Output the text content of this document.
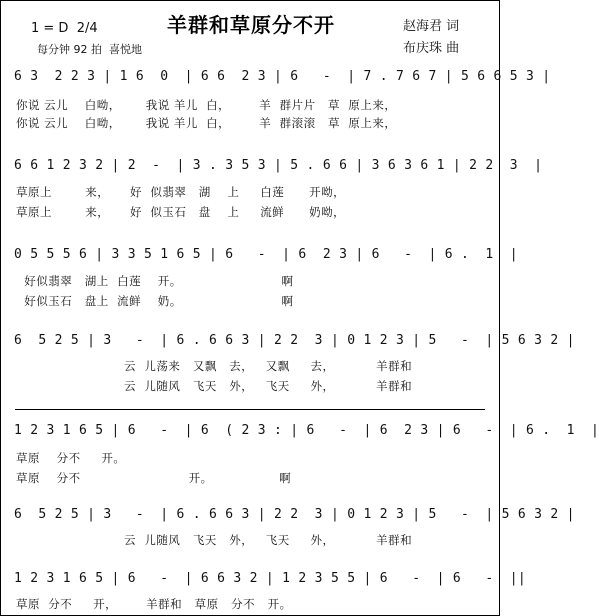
羊群和草原分不开
1 = D  2/4
每分钟 92 拍  喜悦地
赵海君 词
布庆珠 曲
6 3  2 2 3 | 1 6  0  | 6 6  2 3 | 6   -  | 7 . 7 6 7 | 5 6 6 5 3 |
你说 云儿    白呦，      我说 羊儿  白，       羊  群片片   草  原上来，
你说 云儿    白呦，      我说 羊儿  白，       羊  群滚滚   草  原上来，
6 6 1 2 3 2 | 2  -  | 3 . 3 5 3 | 5 . 6 6 | 3 6 3 6 1 | 2 2  3  |
草原上        来，     好  似翡翠   湖    上     白莲      开呦，
草原上        来，     好  似玉石   盘    上     流鲜      奶呦，
0 5 5 5 6 | 3 3 5 1 6 5 | 6   -  | 6  2 3 | 6   -  | 6 .  1  |
好似翡翠   湖上  白莲    开。                        啊
好似玉石   盘上  流鲜    奶。                        啊
6  5 2 5 | 3   -  | 6 . 6 6 3 | 2 2  3 | 0 1 2 3 | 5   -  | 5 6 3 2 |
云  儿荡来   又飘   去，   又飘     去，          羊群和
云  儿随风   飞天   外，   飞天     外，          羊群和
1 2 3 1 6 5 | 6   -  | 6  ( 2 3 : | 6   -  | 6  2 3 | 6   -  | 6 .  1  |
草原    分不     开。
草原    分不                          开。                啊
6  5 2 5 | 3   -  | 6 . 6 6 3 | 2 2  3 | 0 1 2 3 | 5   -  | 5 6 3 2 |
云  儿随风   飞天   外，   飞天     外，          羊群和
1 2 3 1 6 5 | 6   -  | 6 6 3 2 | 1 2 3 5 5 | 6   -  | 6   -  ||
草原  分不     开，       羊群和   草原   分不   开。
